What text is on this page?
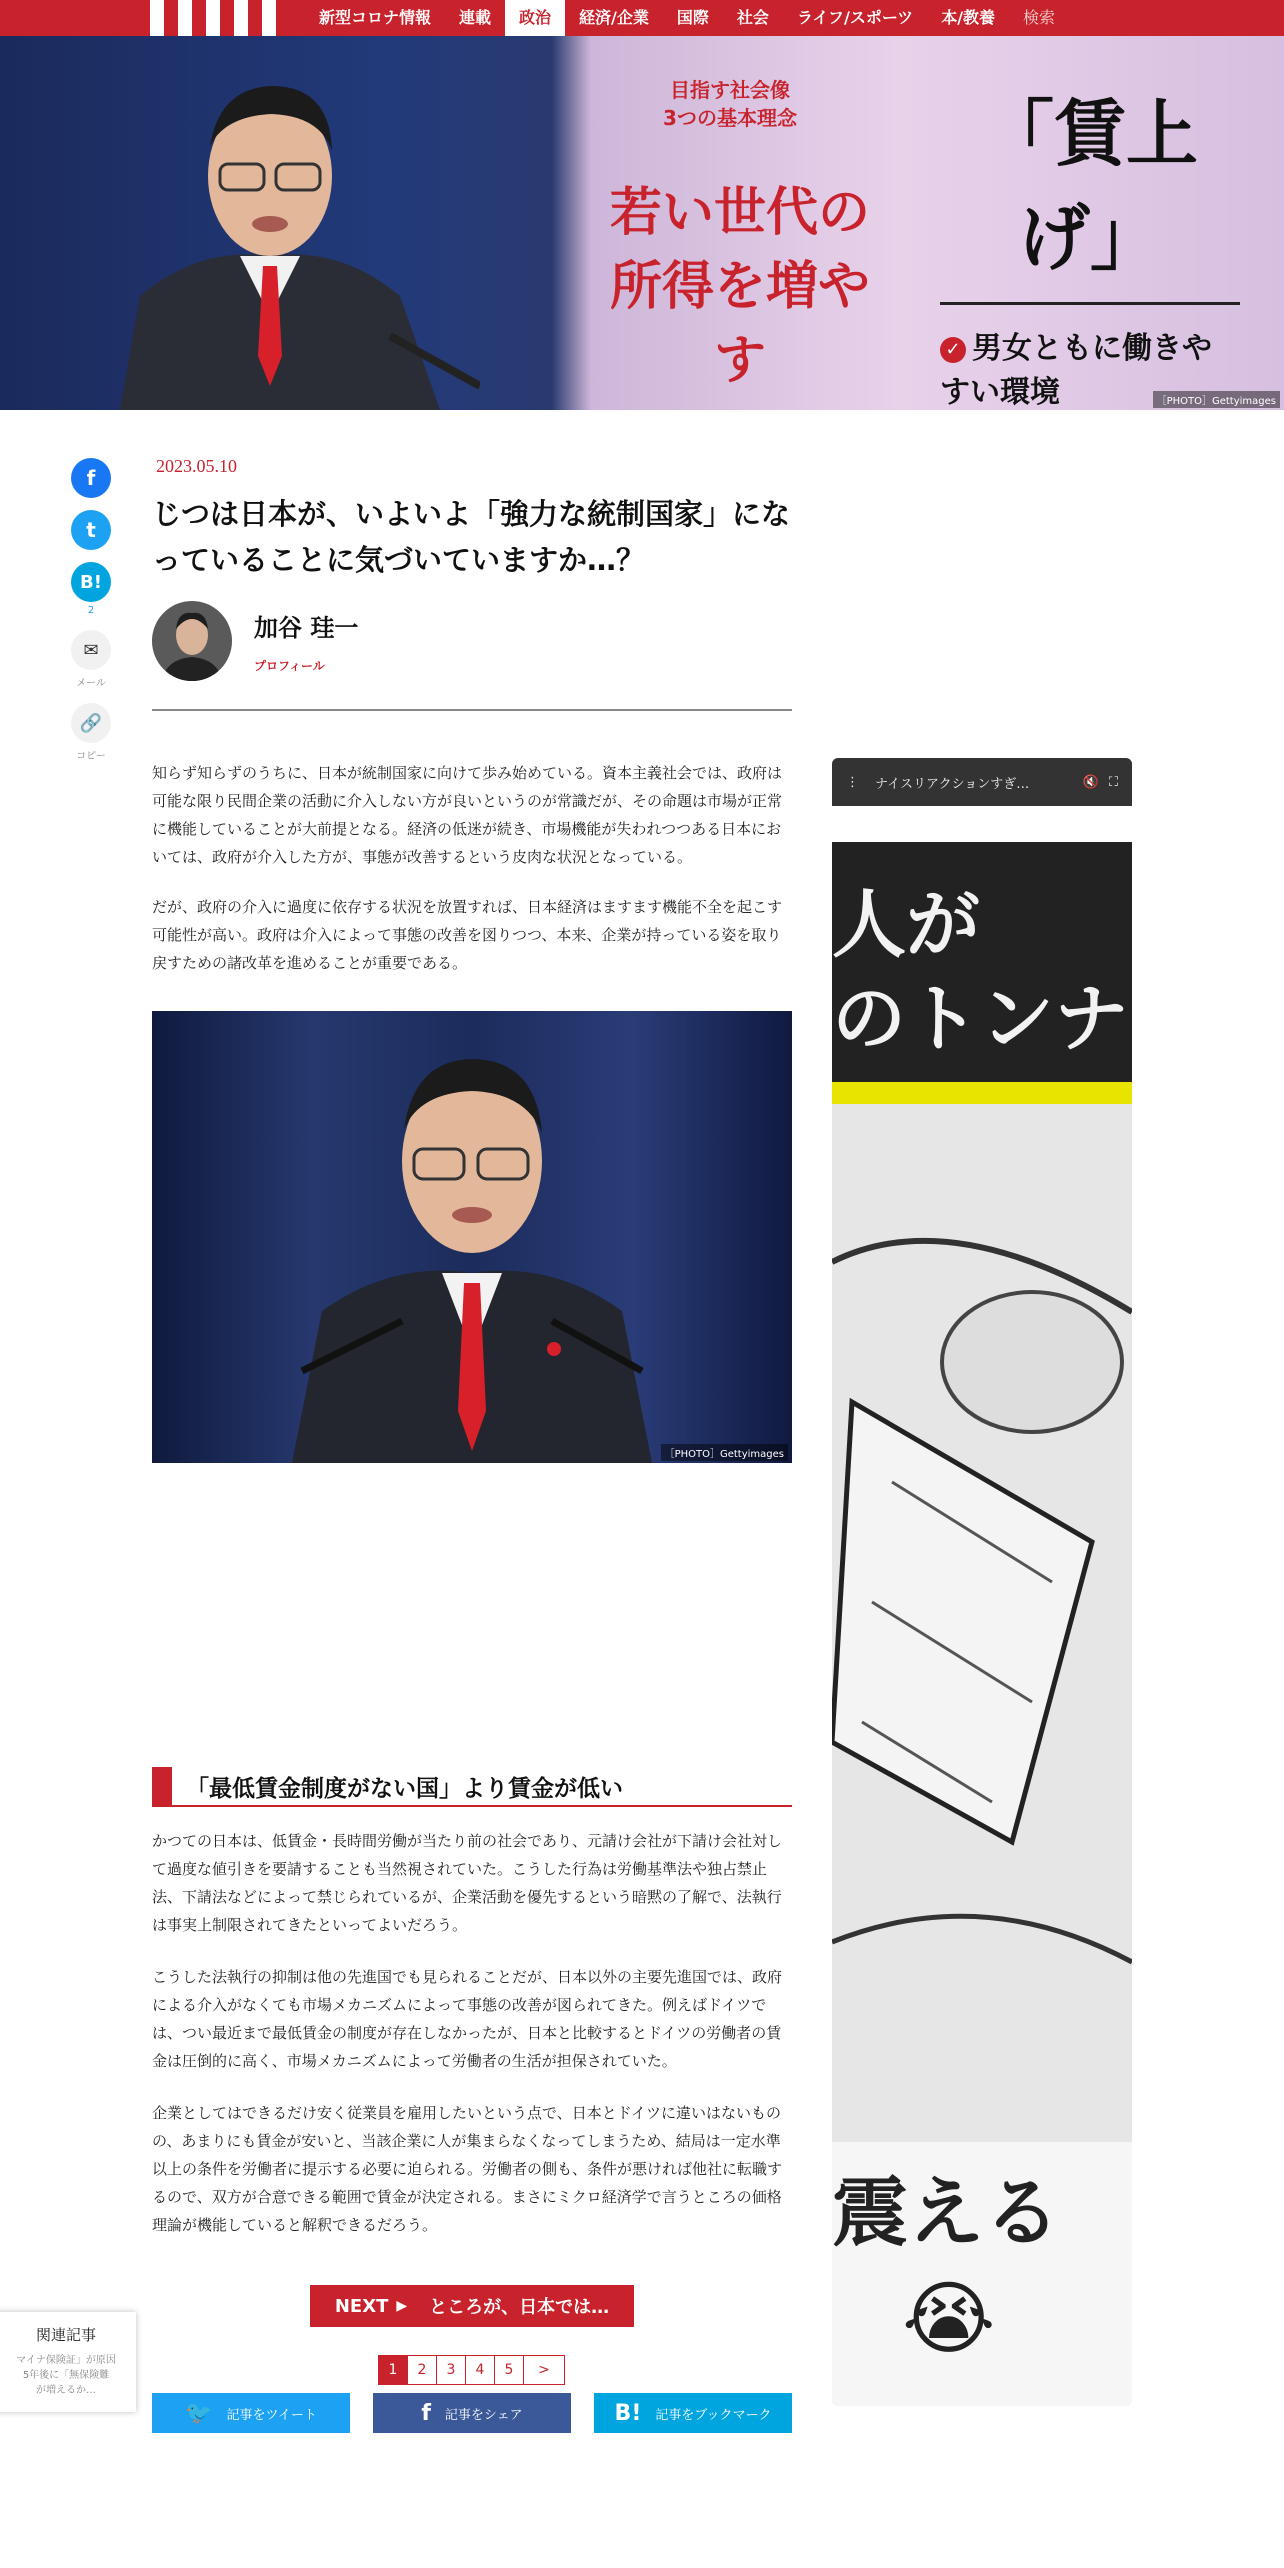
新型コロナ情報	連載	政治	経済/企業	国際	社会	ライフ/スポーツ	本/教養	検索
目指す社会像
3つの基本理念
若い世代の
所得を増やす
「賃上げ」
✓ 男女ともに働きやすい環境	［PHOTO］Gettyimages
f
t
B!
2
✉
メール
🔗
コピー
2023.05.10
じつは日本が、いよいよ「強力な統制国家」になっていることに気づいていますか…？
加谷 珪一
プロフィール

知らず知らずのうちに、日本が統制国家に向けて歩み始めている。資本主義社会では、政府は可能な限り民間企業の活動に介入しない方が良いというのが常識だが、その命題は市場が正常に機能していることが大前提となる。経済の低迷が続き、市場機能が失われつつある日本においては、政府が介入した方が、事態が改善するという皮肉な状況となっている。

だが、政府の介入に過度に依存する状況を放置すれば、日本経済はますます機能不全を起こす可能性が高い。政府は介入によって事態の改善を図りつつ、本来、企業が持っている姿を取り戻すための諸改革を進めることが重要である。

［PHOTO］Gettyimages
「最低賃金制度がない国」より賃金が低い

かつての日本は、低賃金・長時間労働が当たり前の社会であり、元請け会社が下請け会社対して過度な値引きを要請することも当然視されていた。こうした行為は労働基準法や独占禁止法、下請法などによって禁じられているが、企業活動を優先するという暗黙の了解で、法執行は事実上制限されてきたといってよいだろう。

こうした法執行の抑制は他の先進国でも見られることだが、日本以外の主要先進国では、政府による介入がなくても市場メカニズムによって事態の改善が図られてきた。例えばドイツでは、つい最近まで最低賃金の制度が存在しなかったが、日本と比較するとドイツの労働者の賃金は圧倒的に高く、市場メカニズムによって労働者の生活が担保されていた。

企業としてはできるだけ安く従業員を雇用したいという点で、日本とドイツに違いはないものの、あまりにも賃金が安いと、当該企業に人が集まらなくなってしまうため、結局は一定水準以上の条件を労働者に提示する必要に迫られる。労働者の側も、条件が悪ければ他社に転職するので、双方が合意できる範囲で賃金が決定される。まさにミクロ経済学で言うところの価格理論が機能していると解釈できるだろう。

NEXT ▶ ところが、日本では…
1	2	3	4	5	>
🐦 記事をツイート	f 記事をシェア	B! 記事をブックマーク
⋮ ナイスリアクションすぎ…	🔇 ⛶
人が
のトンナ
震える
😭
関連記事
マイナ保険証」が原因
5年後に「無保険難
が増えるか…
